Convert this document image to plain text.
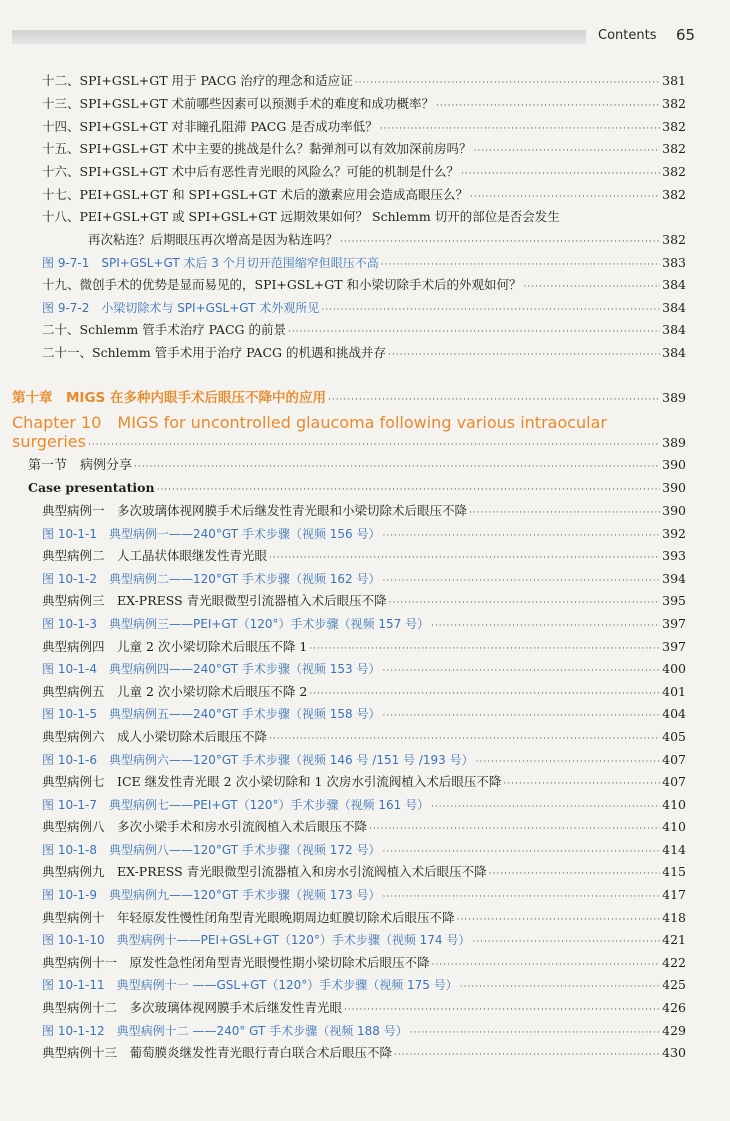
Contents 65
十二、SPI+GSL+GT 用于 PACG 治疗的理念和适应证 ·····	381
十三、SPI+GSL+GT 术前哪些因素可以预测手术的难度和成功概率？ ·····	382
十四、SPI+GSL+GT 对非瞳孔阻滞 PACG 是否成功率低？ ·····	382
十五、SPI+GSL+GT 术中主要的挑战是什么？黏弹剂可以有效加深前房吗？ ·····	382
十六、SPI+GSL+GT 术中后有恶性青光眼的风险么？可能的机制是什么？ ·····	382
十七、PEI+GSL+GT 和 SPI+GSL+GT 术后的激素应用会造成高眼压么？ ·····	382
十八、PEI+GSL+GT 或 SPI+GSL+GT 远期效果如何？ Schlemm 切开的部位是否会发生
再次粘连？后期眼压再次增高是因为粘连吗？ ·····	382
图 9-7-1　SPI+GSL+GT 术后 3 个月切开范围缩窄但眼压不高 ·····	383
十九、微创手术的优势是显而易见的，SPI+GSL+GT 和小梁切除手术后的外观如何？ ·····	384
图 9-7-2　小梁切除术与 SPI+GSL+GT 术外观所见 ·····	384
二十、Schlemm 管手术治疗 PACG 的前景 ·····	384
二十一、Schlemm 管手术用于治疗 PACG 的机遇和挑战并存 ·····	384
第十章　MIGS 在多种内眼手术后眼压不降中的应用 ·····	389
Chapter 10　MIGS for uncontrolled glaucoma following various intraocular
surgeries ·····	389
第一节　病例分享 ·····	390
Case presentation ·····	390
典型病例一　多次玻璃体视网膜手术后继发性青光眼和小梁切除术后眼压不降 ·····	390
图 10-1-1　典型病例一——240°GT 手术步骤（视频 156 号） ·····	392
典型病例二　人工晶状体眼继发性青光眼 ·····	393
图 10-1-2　典型病例二——120°GT 手术步骤（视频 162 号） ·····	394
典型病例三　EX-PRESS 青光眼微型引流器植入术后眼压不降 ·····	395
图 10-1-3　典型病例三——PEI+GT（120°）手术步骤（视频 157 号） ·····	397
典型病例四　儿童 2 次小梁切除术后眼压不降 1 ·····	397
图 10-1-4　典型病例四——240°GT 手术步骤（视频 153 号） ·····	400
典型病例五　儿童 2 次小梁切除术后眼压不降 2 ·····	401
图 10-1-5　典型病例五——240°GT 手术步骤（视频 158 号） ·····	404
典型病例六　成人小梁切除术后眼压不降 ·····	405
图 10-1-6　典型病例六——120°GT 手术步骤（视频 146 号 /151 号 /193 号） ·····	407
典型病例七　ICE 继发性青光眼 2 次小梁切除和 1 次房水引流阀植入术后眼压不降 ·····	407
图 10-1-7　典型病例七——PEI+GT（120°）手术步骤（视频 161 号） ·····	410
典型病例八　多次小梁手术和房水引流阀植入术后眼压不降 ·····	410
图 10-1-8　典型病例八——120°GT 手术步骤（视频 172 号） ·····	414
典型病例九　EX-PRESS 青光眼微型引流器植入和房水引流阀植入术后眼压不降 ·····	415
图 10-1-9　典型病例九——120°GT 手术步骤（视频 173 号） ·····	417
典型病例十　年轻原发性慢性闭角型青光眼晚期周边虹膜切除术后眼压不降 ·····	418
图 10-1-10　典型病例十——PEI+GSL+GT（120°）手术步骤（视频 174 号） ·····	421
典型病例十一　原发性急性闭角型青光眼慢性期小梁切除术后眼压不降 ·····	422
图 10-1-11　典型病例十一 ——GSL+GT（120°）手术步骤（视频 175 号） ·····	425
典型病例十二　多次玻璃体视网膜手术后继发性青光眼 ·····	426
图 10-1-12　典型病例十二 ——240° GT 手术步骤（视频 188 号） ·····	429
典型病例十三　葡萄膜炎继发性青光眼行青白联合术后眼压不降 ·····	430
